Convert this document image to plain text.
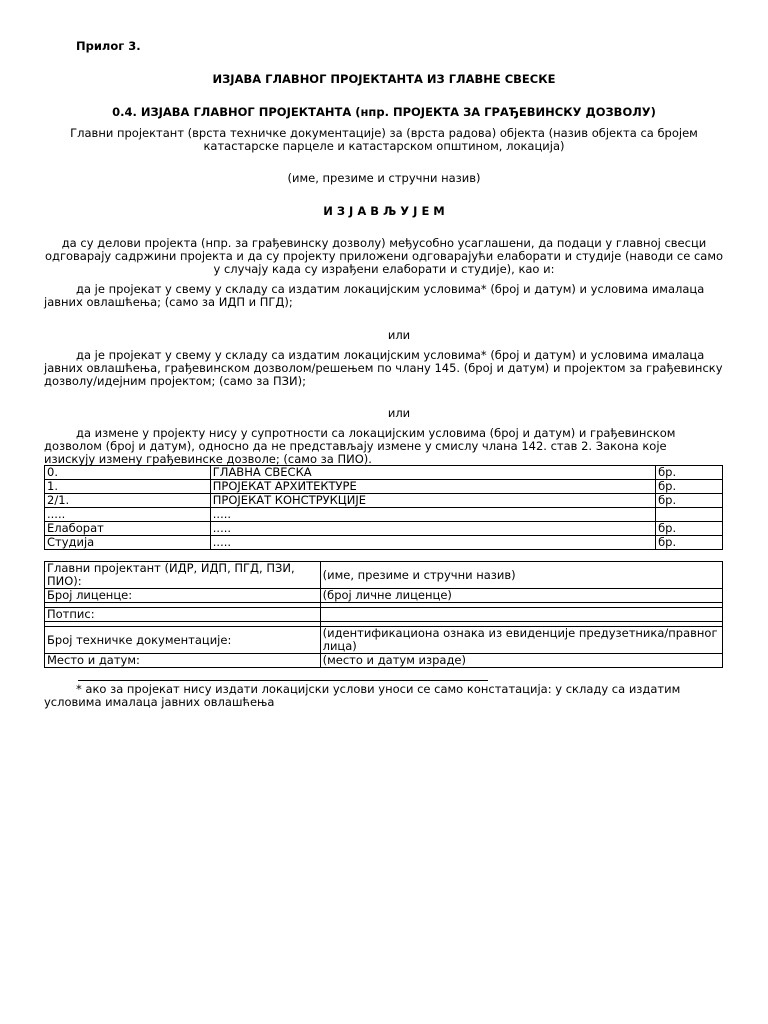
Прилог 3.
ИЗЈАВА ГЛАВНОГ ПРОЈЕКТАНТА ИЗ ГЛАВНЕ СВЕСКЕ
0.4. ИЗЈАВА ГЛАВНОГ ПРОЈЕКТАНТА (нпр. ПРОЈЕКТА ЗА ГРАЂЕВИНСКУ ДОЗВОЛУ)

Главни пројектант (врста техничке документације) за (врста радова) објекта (назив објекта са бројем катастарске парцеле и катастарском општином, локација)

(име, презиме и стручни назив)
И З Ј А В Љ У Ј Е М

да су делови пројекта (нпр. за грађевинску дозволу) међусобно усаглашени, да подаци у главној свесци одговарају садржини пројекта и да су пројекту приложени одговарајући елаборати и студије (наводи се само у случају када су израђени елаборати и студије), као и:

да је пројекат у свему у складу са издатим локацијским условима* (број и датум) и условима ималаца јавних овлашћења; (само за ИДП и ПГД);

или

да је пројекат у свему у складу са издатим локацијским условима* (број и датум) и условима ималаца јавних овлашћења, грађевинском дозволом/решењем по члану 145. (број и датум) и пројектом за грађевинску дозволу/идејним пројектом; (само за ПЗИ);

или

да измене у пројекту нису у супротности са локацијским условима (број и датум) и грађевинском дозволом (број и датум), односно да не представљају измене у смислу члана 142. став 2. Закона које изискују измену грађевинске дозволе; (само за ПИО).

0.	ГЛАВНА СВЕСКА	бр.
1.	ПРОЈЕКАТ АРХИТЕКТУРЕ	бр.
2/1.	ПРОЈЕКАТ КОНСТРУКЦИЈЕ	бр.
.....	.....	
Елаборат	.....	бр.
Студија	.....	бр.
Главни пројектант (ИДР, ИДП, ПГД, ПЗИ, ПИО):	(име, презиме и стручни назив)
Број лиценце:	(број личне лиценце)

Потпис:	

Број техничке документације:	(идентификациона ознака из евиденције предузетника/правног лица)
Место и датум:	(место и датум израде)

* ако за пројекат нису издати локацијски услови уноси се само констатација: у складу са издатим условима ималаца јавних овлашћења
